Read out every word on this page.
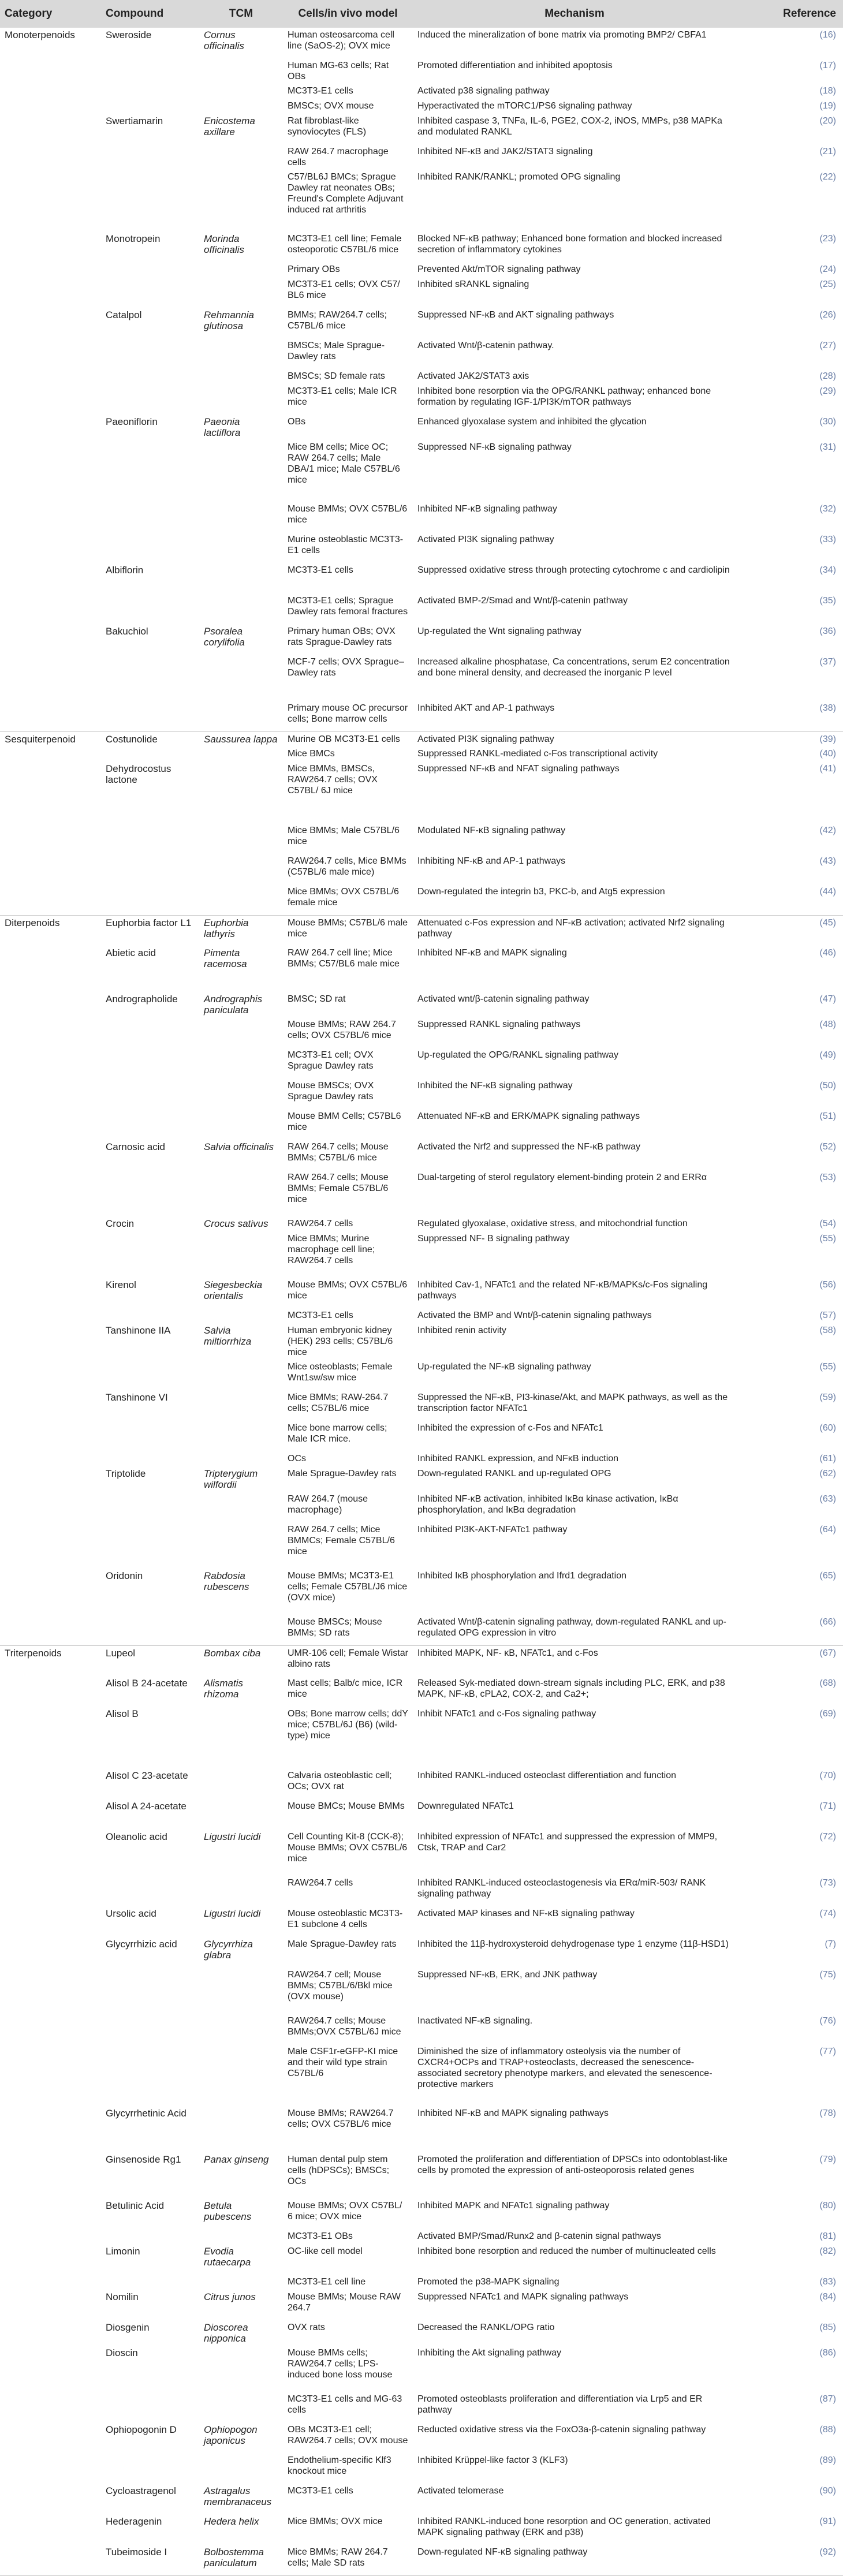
Category	Compound	TCM	Cells/in vivo model	Mechanism	Reference
Monoterpenoids	Sweroside	Cornus officinalis	Human osteosarcoma cell line (SaOS-2); OVX mice	Induced the mineralization of bone matrix via promoting BMP2/ CBFA1	(16)
			Human MG-63 cells; Rat OBs	Promoted differentiation and inhibited apoptosis	(17)
			MC3T3-E1 cells	Activated p38 signaling pathway	(18)
			BMSCs; OVX mouse	Hyperactivated the mTORC1/PS6 signaling pathway	(19)
	Swertiamarin	Enicostema axillare	Rat fibroblast-like synoviocytes (FLS)	Inhibited caspase 3, TNFa, IL-6, PGE2, COX-2, iNOS, MMPs, p38 MAPKa and modulated RANKL	(20)
			RAW 264.7 macrophage cells	Inhibited NF-κB and JAK2/STAT3 signaling	(21)
			C57/BL6J BMCs; Sprague Dawley rat neonates OBs; Freund's Complete Adjuvant induced rat arthritis	Inhibited RANK/RANKL; promoted OPG signaling	(22)
	Monotropein	Morinda officinalis	MC3T3-E1 cell line; Female osteoporotic C57BL/6 mice	Blocked NF-κB pathway; Enhanced bone formation and blocked increased secretion of inflammatory cytokines	(23)
			Primary OBs	Prevented Akt/mTOR signaling pathway	(24)
			MC3T3-E1 cells; OVX C57/ BL6 mice	Inhibited sRANKL signaling	(25)
	Catalpol	Rehmannia glutinosa	BMMs; RAW264.7 cells; C57BL/6 mice	Suppressed NF-κB and AKT signaling pathways	(26)
			BMSCs; Male Sprague-Dawley rats	Activated Wnt/β-catenin pathway.	(27)
			BMSCs; SD female rats	Activated JAK2/STAT3 axis	(28)
			MC3T3-E1 cells; Male ICR mice	Inhibited bone resorption via the OPG/RANKL pathway; enhanced bone formation by regulating IGF-1/PI3K/mTOR pathways	(29)
	Paeoniflorin	Paeonia lactiflora	OBs	Enhanced glyoxalase system and inhibited the glycation	(30)
			Mice BM cells; Mice OC; RAW 264.7 cells; Male DBA/1 mice; Male C57BL/6 mice	Suppressed NF-κB signaling pathway	(31)
			Mouse BMMs; OVX C57BL/6 mice	Inhibited NF-κB signaling pathway	(32)
			Murine osteoblastic MC3T3-E1 cells	Activated PI3K signaling pathway	(33)
	Albiflorin		MC3T3-E1 cells	Suppressed oxidative stress through protecting cytochrome c and cardiolipin	(34)
			MC3T3-E1 cells; Sprague Dawley rats femoral fractures	Activated BMP-2/Smad and Wnt/β-catenin pathway	(35)
	Bakuchiol	Psoralea corylifolia	Primary human OBs; OVX rats Sprague-Dawley rats	Up-regulated the Wnt signaling pathway	(36)
			MCF-7 cells; OVX Sprague–Dawley rats	Increased alkaline phosphatase, Ca concentrations, serum E2 concentration and bone mineral density, and decreased the inorganic P level	(37)
			Primary mouse OC precursor cells; Bone marrow cells	Inhibited AKT and AP-1 pathways	(38)
Sesquiterpenoid	Costunolide	Saussurea lappa	Murine OB MC3T3-E1 cells	Activated PI3K signaling pathway	(39)
			Mice BMCs	Suppressed RANKL-mediated c-Fos transcriptional activity	(40)
	Dehydrocostus lactone		Mice BMMs, BMSCs, RAW264.7 cells; OVX C57BL/ 6J mice	Suppressed NF-κB and NFAT signaling pathways	(41)
			Mice BMMs; Male C57BL/6 mice	Modulated NF-κB signaling pathway	(42)
			RAW264.7 cells, Mice BMMs (C57BL/6 male mice)	Inhibiting NF-κB and AP-1 pathways	(43)
			Mice BMMs; OVX C57BL/6 female mice	Down-regulated the integrin b3, PKC-b, and Atg5 expression	(44)
Diterpenoids	Euphorbia factor L1	Euphorbia lathyris	Mouse BMMs; C57BL/6 male mice	Attenuated c-Fos expression and NF-κB activation; activated Nrf2 signaling pathway	(45)
	Abietic acid	Pimenta racemosa	RAW 264.7 cell line; Mice BMMs; C57/BL6 male mice	Inhibited NF-κB and MAPK signaling	(46)
	Andrographolide	Andrographis paniculata	BMSC; SD rat	Activated wnt/β-catenin signaling pathway	(47)
			Mouse BMMs; RAW 264.7 cells; OVX C57BL/6 mice	Suppressed RANKL signaling pathways	(48)
			MC3T3-E1 cell; OVX Sprague Dawley rats	Up-regulated the OPG/RANKL signaling pathway	(49)
			Mouse BMSCs; OVX Sprague Dawley rats	Inhibited the NF-κB signaling pathway	(50)
			Mouse BMM Cells; C57BL6 mice	Attenuated NF-κB and ERK/MAPK signaling pathways	(51)
	Carnosic acid	Salvia officinalis	RAW 264.7 cells; Mouse BMMs; C57BL/6 mice	Activated the Nrf2 and suppressed the NF-κB pathway	(52)
			RAW 264.7 cells; Mouse BMMs; Female C57BL/6 mice	Dual-targeting of sterol regulatory element-binding protein 2 and ERRα	(53)
	Crocin	Crocus sativus	RAW264.7 cells	Regulated glyoxalase, oxidative stress, and mitochondrial function	(54)
			Mice BMMs; Murine macrophage cell line; RAW264.7 cells	Suppressed NF- B signaling pathway	(55)
	Kirenol	Siegesbeckia orientalis	Mouse BMMs; OVX C57BL/6 mice	Inhibited Cav-1, NFATc1 and the related NF-κB/MAPKs/c-Fos signaling pathways	(56)
			MC3T3-E1 cells	Activated the BMP and Wnt/β-catenin signaling pathways	(57)
	Tanshinone IIA	Salvia miltiorrhiza	Human embryonic kidney (HEK) 293 cells; C57BL/6 mice	Inhibited renin activity	(58)
			Mice osteoblasts; Female Wnt1sw/sw mice	Up-regulated the NF-κB signaling pathway	(55)
	Tanshinone VI		Mice BMMs; RAW-264.7 cells; C57BL/6 mice	Suppressed the NF-κB, PI3-kinase/Akt, and MAPK pathways, as well as the transcription factor NFATc1	(59)
			Mice bone marrow cells; Male ICR mice.	Inhibited the expression of c-Fos and NFATc1	(60)
			OCs	Inhibited RANKL expression, and NFκB induction	(61)
	Triptolide	Tripterygium wilfordii	Male Sprague-Dawley rats	Down-regulated RANKL and up-regulated OPG	(62)
			RAW 264.7 (mouse macrophage)	Inhibited NF-κB activation, inhibited IκBα kinase activation, IκBα phosphorylation, and IκBα degradation	(63)
			RAW 264.7 cells; Mice BMMCs; Female C57BL/6 mice	Inhibited PI3K-AKT-NFATc1 pathway	(64)
	Oridonin	Rabdosia rubescens	Mouse BMMs; MC3T3-E1 cells; Female C57BL/J6 mice (OVX mice)	Inhibited IκB phosphorylation and Ifrd1 degradation	(65)
			Mouse BMSCs; Mouse BMMs; SD rats	Activated Wnt/β-catenin signaling pathway, down-regulated RANKL and up-regulated OPG expression in vitro	(66)
Triterpenoids	Lupeol	Bombax ciba	UMR-106 cell; Female Wistar albino rats	Inhibited MAPK, NF- κB, NFATc1, and c-Fos	(67)
	Alisol B 24-acetate	Alismatis rhizoma	Mast cells; Balb/c mice, ICR mice	Released Syk-mediated down-stream signals including PLC, ERK, and p38 MAPK, NF-κB, cPLA2, COX-2, and Ca2+;	(68)
	Alisol B		OBs; Bone marrow cells; ddY mice; C57BL/6J (B6) (wild-type) mice	Inhibit NFATc1 and c-Fos signaling pathway	(69)
	Alisol C 23-acetate		Calvaria osteoblastic cell; OCs; OVX rat	Inhibited RANKL-induced osteoclast differentiation and function	(70)
	Alisol A 24-acetate		Mouse BMCs; Mouse BMMs	Downregulated NFATc1	(71)
	Oleanolic acid	Ligustri lucidi	Cell Counting Kit-8 (CCK-8); Mouse BMMs; OVX C57BL/6 mice	Inhibited expression of NFATc1 and suppressed the expression of MMP9, Ctsk, TRAP and Car2	(72)
			RAW264.7 cells	Inhibited RANKL-induced osteoclastogenesis via ERα/miR-503/ RANK signaling pathway	(73)
	Ursolic acid	Ligustri lucidi	Mouse osteoblastic MC3T3-E1 subclone 4 cells	Activated MAP kinases and NF-κB signaling pathway	(74)
	Glycyrrhizic acid	Glycyrrhiza glabra	Male Sprague-Dawley rats	Inhibited the 11β-hydroxysteroid dehydrogenase type 1 enzyme (11β-HSD1)	(7)
			RAW264.7 cell; Mouse BMMs; C57BL/6/Bkl mice (OVX mouse)	Suppressed NF-κB, ERK, and JNK pathway	(75)
			RAW264.7 cells; Mouse BMMs;OVX C57BL/6J mice	Inactivated NF-κB signaling.	(76)
			Male CSF1r-eGFP-KI mice and their wild type strain C57BL/6	Diminished the size of inflammatory osteolysis via the number of CXCR4+OCPs and TRAP+osteoclasts, decreased the senescence-associated secretory phenotype markers, and elevated the senescence-protective markers	(77)
	Glycyrrhetinic Acid		Mouse BMMs; RAW264.7 cells; OVX C57BL/6 mice	Inhibited NF-κB and MAPK signaling pathways	(78)
	Ginsenoside Rg1	Panax ginseng	Human dental pulp stem cells (hDPSCs); BMSCs; OCs	Promoted the proliferation and differentiation of DPSCs into odontoblast-like cells by promoted the expression of anti-osteoporosis related genes	(79)
	Betulinic Acid	Betula pubescens	Mouse BMMs; OVX C57BL/ 6 mice; OVX mice	Inhibited MAPK and NFATc1 signaling pathway	(80)
			MC3T3-E1 OBs	Activated BMP/Smad/Runx2 and β-catenin signal pathways	(81)
	Limonin	Evodia rutaecarpa	OC-like cell model	Inhibited bone resorption and reduced the number of multinucleated cells	(82)
			MC3T3-E1 cell line	Promoted the p38-MAPK signaling	(83)
	Nomilin	Citrus junos	Mouse BMMs; Mouse RAW 264.7	Suppressed NFATc1 and MAPK signaling pathways	(84)
	Diosgenin	Dioscorea nipponica	OVX rats	Decreased the RANKL/OPG ratio	(85)
	Dioscin		Mouse BMMs cells; RAW264.7 cells; LPS- induced bone loss mouse	Inhibiting the Akt signaling pathway	(86)
			MC3T3-E1 cells and MG-63 cells	Promoted osteoblasts proliferation and differentiation via Lrp5 and ER pathway	(87)
	Ophiopogonin D	Ophiopogon japonicus	OBs MC3T3-E1 cell; RAW264.7 cells; OVX mouse	Reducted oxidative stress via the FoxO3a-β-catenin signaling pathway	(88)
			Endothelium-specific Klf3 knockout mice	Inhibited Krüppel-like factor 3 (KLF3)	(89)
	Cycloastragenol	Astragalus membranaceus	MC3T3-E1 cells	Activated telomerase	(90)
	Hederagenin	Hedera helix	Mice BMMs; OVX mice	Inhibited RANKL-induced bone resorption and OC generation, activated MAPK signaling pathway (ERK and p38)	(91)
	Tubeimoside I	Bolbostemma paniculatum	Mice BMMs; RAW 264.7 cells; Male SD rats	Down-regulated NF-κB signaling pathway	(92)
